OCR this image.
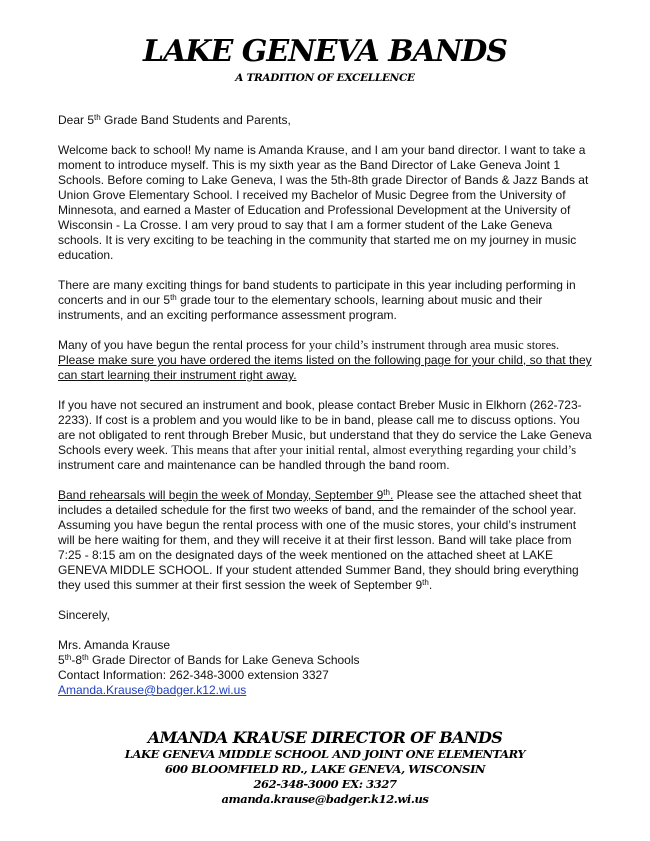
LAKE GENEVA BANDS
A TRADITION OF EXCELLENCE

Dear 5th Grade Band Students and Parents,

Welcome back to school! My name is Amanda Krause, and I am your band director. I want to take a moment to introduce myself. This is my sixth year as the Band Director of Lake Geneva Joint 1 Schools. Before coming to Lake Geneva, I was the 5th-8th grade Director of Bands & Jazz Bands at Union Grove Elementary School. I received my Bachelor of Music Degree from the University of Minnesota, and earned a Master of Education and Professional Development at the University of Wisconsin - La Crosse. I am very proud to say that I am a former student of the Lake Geneva schools. It is very exciting to be teaching in the community that started me on my journey in music education.

There are many exciting things for band students to participate in this year including performing in concerts and in our 5th grade tour to the elementary schools, learning about music and their instruments, and an exciting performance assessment program.

Many of you have begun the rental process for your child’s instrument through area music stores.
Please make sure you have ordered the items listed on the following page for your child, so that they can start learning their instrument right away.

If you have not secured an instrument and book, please contact Breber Music in Elkhorn (262-723-2233). If cost is a problem and you would like to be in band, please call me to discuss options. You are not obligated to rent through Breber Music, but understand that they do service the Lake Geneva Schools every week. This means that after your initial rental, almost everything regarding your child’s instrument care and maintenance can be handled through the band room.

Band rehearsals will begin the week of Monday, September 9th. Please see the attached sheet that includes a detailed schedule for the first two weeks of band, and the remainder of the school year. Assuming you have begun the rental process with one of the music stores, your child’s instrument will be here waiting for them, and they will receive it at their first lesson. Band will take place from 7:25 - 8:15 am on the designated days of the week mentioned on the attached sheet at LAKE GENEVA MIDDLE SCHOOL. If your student attended Summer Band, they should bring everything they used this summer at their first session the week of September 9th.

Sincerely,

Mrs. Amanda Krause

5th-8th Grade Director of Bands for Lake Geneva Schools

Contact Information: 262-348-3000 extension 3327

Amanda.Krause@badger.k12.wi.us

AMANDA KRAUSE DIRECTOR OF BANDS
LAKE GENEVA MIDDLE SCHOOL AND JOINT ONE ELEMENTARY
600 BLOOMFIELD RD., LAKE GENEVA, WISCONSIN
262-348-3000 EX: 3327
amanda.krause@badger.k12.wi.us
